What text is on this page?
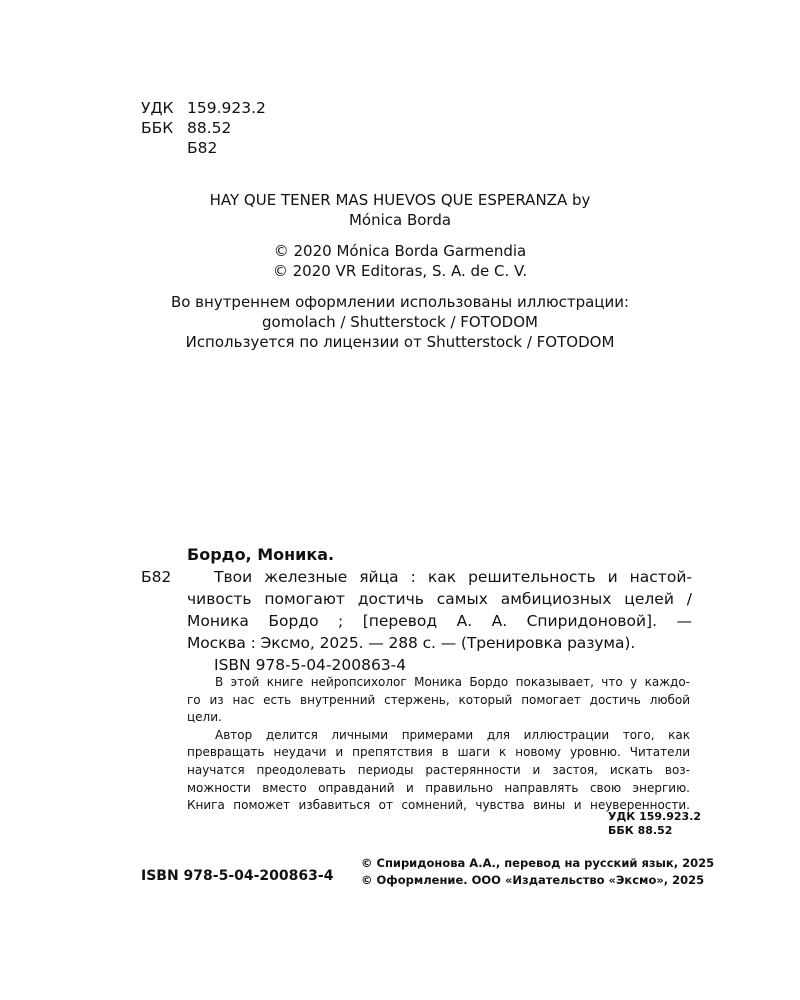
УДК 159.923.2
ББК 88.52
Б82
HAY QUE TENER MAS HUEVOS QUE ESPERANZA by
Mónica Borda
© 2020 Mónica Borda Garmendia
© 2020 VR Editoras, S. A. de C. V.
Во внутреннем оформлении использованы иллюстрации:
gomolach / Shutterstock / FOTODOM
Используется по лицензии от Shutterstock / FOTODOM
Бордо, Моника.
Б82	Твои железные яйца : как решительность и настой-
чивость помогают достичь самых амбициозных целей /
Моника Бордо ; [перевод А. А. Спиридоновой]. —
Москва : Эксмо, 2025. — 288 с. — (Тренировка разума).
ISBN 978-5-04-200863-4
В этой книге нейропсихолог Моника Бордо показывает, что у каждо-
го из нас есть внутренний стержень, который помогает достичь любой
цели.
Автор делится личными примерами для иллюстрации того, как
превращать неудачи и препятствия в шаги к новому уровню. Читатели
научатся преодолевать периоды растерянности и застоя, искать воз-
можности вместо оправданий и правильно направлять свою энергию.
Книга поможет избавиться от сомнений, чувства вины и неуверенности.
УДК 159.923.2
ББК 88.52
ISBN 978-5-04-200863-4
© Спиридонова А.А., перевод на русский язык, 2025
© Оформление. ООО «Издательство «Эксмо», 2025
